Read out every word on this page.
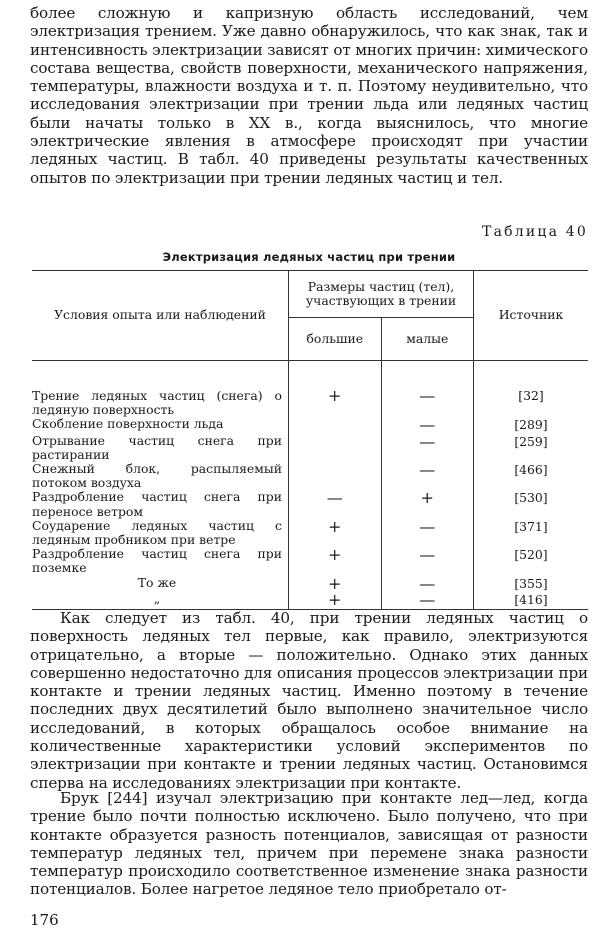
более сложную и капризную область исследований, чем электризация трением. Уже давно обнаружилось, что как знак, так и интенсивность электризации зависят от многих причин: химического состава вещества, свойств поверхности, механического напряжения, температуры, влажности воздуха и т. п. Поэтому неудивительно, что исследования электризации при трении льда или ледяных частиц были начаты только в XX в., когда выяснилось, что многие электрические явления в атмосфере происходят при участии ледяных частиц. В табл. 40 приведены результаты качественных опытов по электризации при трении ледяных частиц и тел.

Таблица 40
Электризация ледяных частиц при трении
Условия опыта или наблюдений	Размеры частиц (тел), участвующих в трении		Источник
	большие	малые	
Трение ледяных частиц (снега) о ледяную поверхность	+	—	[32]
Скобление поверхности льда		—	[289]
Отрывание частиц снега при растирании		—	[259]
Снежный блок, распыляемый потоком воздуха		—	[466]
Раздробление частиц снега при переносе ветром	—	+	[530]
Соударение ледяных частиц с ледяным пробником при ветре	+	—	[371]
Раздробление частиц снега при поземке	+	—	[520]
То же	+	—	[355]
„	+	—	[416]

Как следует из табл. 40, при трении ледяных частиц о поверхность ледяных тел первые, как правило, электризуются отрицательно, а вторые — положительно. Однако этих данных совершенно недостаточно для описания процессов электризации при контакте и трении ледяных частиц. Именно поэтому в течение последних двух десятилетий было выполнено значительное число исследований, в которых обращалось особое внимание на количественные характеристики условий экспериментов по электризации при контакте и трении ледяных частиц. Остановимся сперва на исследованиях электризации при контакте.

Брук [244] изучал электризацию при контакте лед—лед, когда трение было почти полностью исключено. Было получено, что при контакте образуется разность потенциалов, зависящая от разности температур ледяных тел, причем при перемене знака разности температур происходило соответственное изменение знака разности потенциалов. Более нагретое ледяное тело приобретало от-

176
